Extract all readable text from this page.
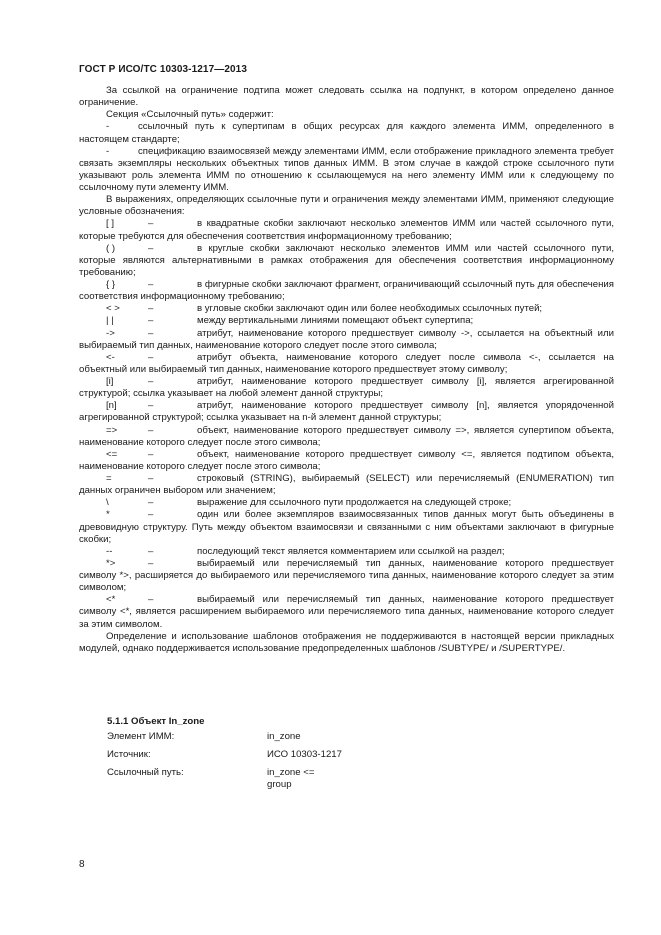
ГОСТ Р ИСО/ТС 10303-1217—2013

За ссылкой на ограничение подтипа может следовать ссылка на подпункт, в котором определено данное ограничение.

Секция «Ссылочный путь» содержит:

-	ссылочный путь к супертипам в общих ресурсах для каждого элемента ИММ, определенного в настоящем стандарте;

-	спецификацию взаимосвязей между элементами ИММ, если отображение прикладного элемента требует связать экземпляры нескольких объектных типов данных ИММ. В этом случае в каждой строке ссылочного пути указывают роль элемента ИММ по отношению к ссылающемуся на него элементу ИММ или к следующему по ссылочному пути элементу ИММ.

В выражениях, определяющих ссылочные пути и ограничения между элементами ИММ, применяют следующие условные обозначения:

[ ]	–	в квадратные скобки заключают несколько элементов ИММ или частей ссылочного пути, которые требуются для обеспечения соответствия информационному требованию;
( )	–	в круглые скобки заключают несколько элементов ИММ или частей ссылочного пути, которые являются альтернативными в рамках отображения для обеспечения соответствия информационному требованию;
{ }	–	в фигурные скобки заключают фрагмент, ограничивающий ссылочный путь для обеспечения соответствия информационному требованию;
< >	–	в угловые скобки заключают один или более необходимых ссылочных путей;
| |	–	между вертикальными линиями помещают объект супертипа;
->	–	атрибут, наименование которого предшествует символу ->, ссылается на объектный или выбираемый тип данных, наименование которого следует после этого символа;
<-	–	атрибут объекта, наименование которого следует после символа <-, ссылается на объектный или выбираемый тип данных, наименование которого предшествует этому символу;
[i]	–	атрибут, наименование которого предшествует символу [i], является агрегированной структурой; ссылка указывает на любой элемент данной структуры;
[n]	–	атрибут, наименование которого предшествует символу [n], является упорядоченной агрегированной структурой; ссылка указывает на n-й элемент данной структуры;
=>	–	объект, наименование которого предшествует символу =>, является супертипом объекта, наименование которого следует после этого символа;
<=	–	объект, наименование которого предшествует символу <=, является подтипом объекта, наименование которого следует после этого символа;
=	–	строковый (STRING), выбираемый (SELECT) или перечисляемый (ENUMERATION) тип данных ограничен выбором или значением;
\	–	выражение для ссылочного пути продолжается на следующей строке;
*	–	один или более экземпляров взаимосвязанных типов данных могут быть объединены в древовидную структуру. Путь между объектом взаимосвязи и связанными с ним объектами заключают в фигурные скобки;
--	–	последующий текст является комментарием или ссылкой на раздел;
*>	–	выбираемый или перечисляемый тип данных, наименование которого предшествует символу *>, расширяется до выбираемого или перечисляемого типа данных, наименование которого следует за этим символом;
<*	–	выбираемый или перечисляемый тип данных, наименование которого предшествует символу <*, является расширением выбираемого или перечисляемого типа данных, наименование которого следует за этим символом.

Определение и использование шаблонов отображения не поддерживаются в настоящей версии прикладных модулей, однако поддерживается использование предопределенных шаблонов /SUBTYPE/ и /SUPERTYPE/.

5.1.1 Объект In_zone
Элемент ИММ:	in_zone
Источник:	ИСО 10303-1217
Ссылочный путь:	in_zone <=
group
8
